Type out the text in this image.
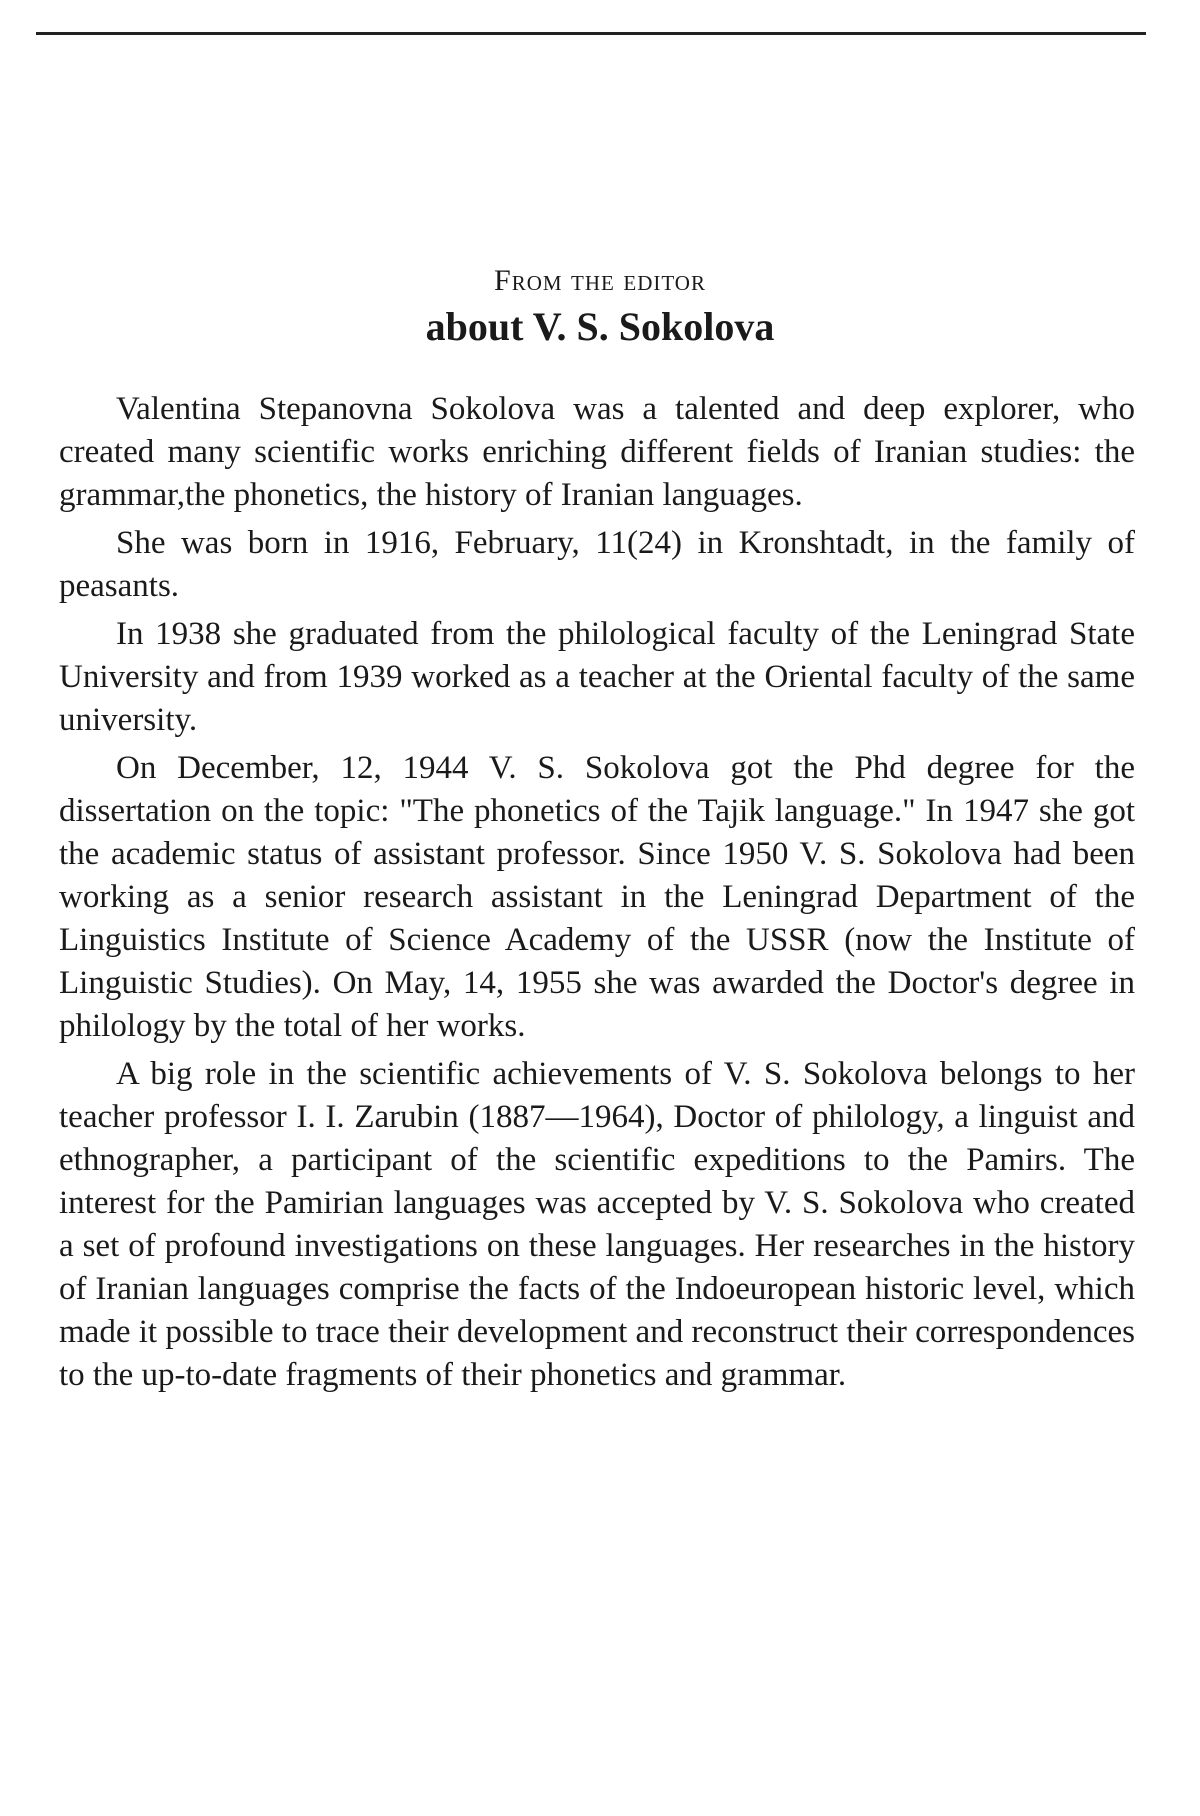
From the editor
about V. S. Sokolova

Valentina Stepanovna Sokolova was a talented and deep explorer, who created many scientific works enriching different fields of Iranian studies: the grammar,the phonetics, the history of Iranian languages.

She was born in 1916, February, 11(24) in Kronshtadt, in the family of peasants.

In 1938 she graduated from the philological faculty of the Leningrad State University and from 1939 worked as a teacher at the Oriental faculty of the same university.

On December, 12, 1944 V. S. Sokolova got the Phd degree for the dissertation on the topic: "The phonetics of the Tajik language." In 1947 she got the academic status of assistant professor. Since 1950 V. S. Sokolova had been working as a senior research assistant in the Leningrad Department of the Linguistics Institute of Science Academy of the USSR (now the Institute of Linguistic Studies). On May, 14, 1955 she was awarded the Doctor's degree in philology by the total of her works.

A big role in the scientific achievements of V. S. Sokolova belongs to her teacher professor I. I. Zarubin (1887—1964), Doctor of philology, a linguist and ethnographer, a participant of the scientific expeditions to the Pamirs. The interest for the Pamirian languages was accepted by V. S. Sokolova who created a set of profound investigations on these languages. Her researches in the history of Iranian languages comprise the facts of the Indoeuropean historic level, which made it possible to trace their development and reconstruct their correspondences to the up-to-date fragments of their phonetics and grammar.
